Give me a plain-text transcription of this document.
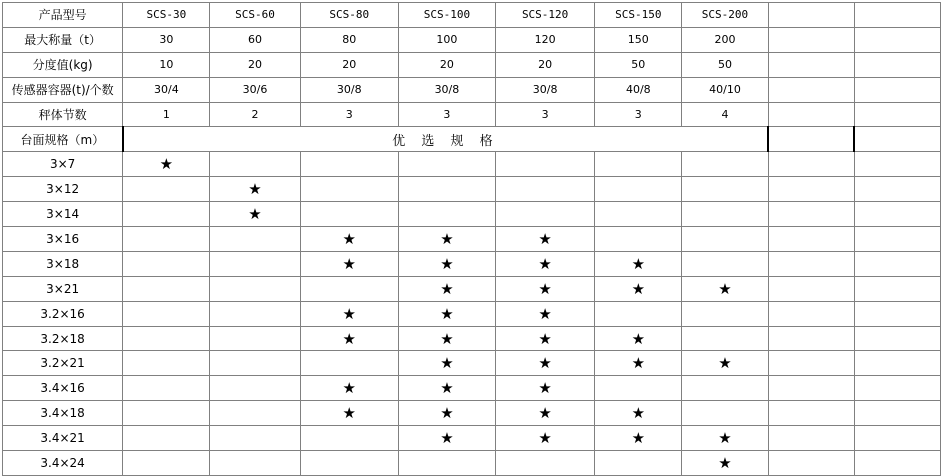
产品型号	SCS-30	SCS-60	SCS-80	SCS-100	SCS-120	SCS-150	SCS-200		
最大称量（t）	30	60	80	100	120	150	200		
分度值(kg)	10	20	20	20	20	50	50		
传感器容器(t)/个数	30/4	30/6	30/8	30/8	30/8	40/8	40/10		
秤体节数	1	2	3	3	3	3	4		
台面规格（m）	优 选 规 格								
3×7	★								
3×12		★							
3×14		★							
3×16			★	★	★				
3×18			★	★	★	★			
3×21				★	★	★	★		
3.2×16			★	★	★				
3.2×18			★	★	★	★			
3.2×21				★	★	★	★		
3.4×16			★	★	★				
3.4×18			★	★	★	★			
3.4×21				★	★	★	★		
3.4×24							★		
